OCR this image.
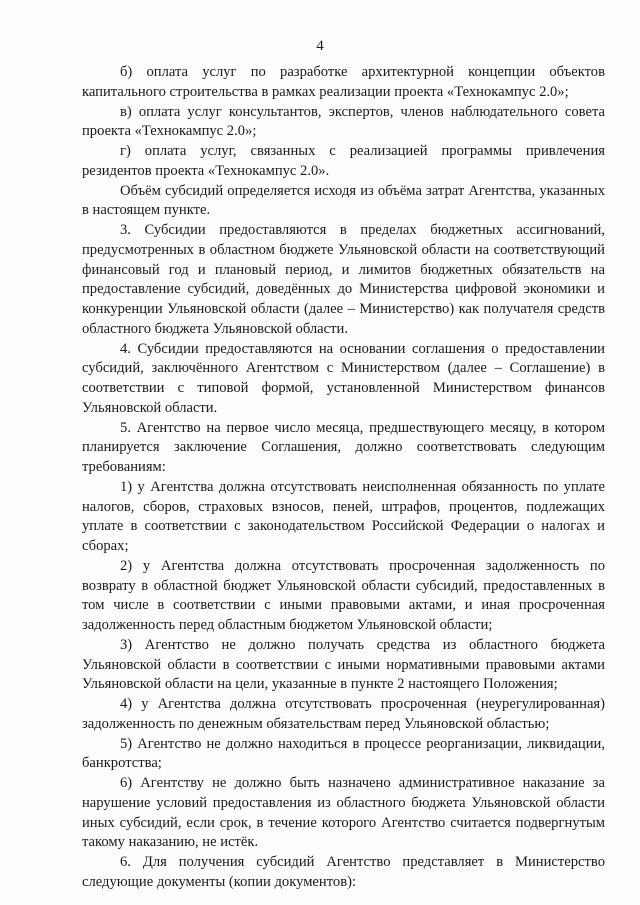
4

б) оплата услуг по разработке архитектурной концепции объектов капитального строительства в рамках реализации проекта «Технокампус 2.0»;

в) оплата услуг консультантов, экспертов, членов наблюдательного совета проекта «Технокампус 2.0»;

г) оплата услуг, связанных с реализацией программы привлечения резидентов проекта «Технокампус 2.0».

Объём субсидий определяется исходя из объёма затрат Агентства, указанных в настоящем пункте.

3. Субсидии предоставляются в пределах бюджетных ассигнований, предусмотренных в областном бюджете Ульяновской области на соответствующий финансовый год и плановый период, и лимитов бюджетных обязательств на предоставление субсидий, доведённых до Министерства цифровой экономики и конкуренции Ульяновской области (далее – Министерство) как получателя средств областного бюджета Ульяновской области.

4. Субсидии предоставляются на основании соглашения о предоставлении субсидий, заключённого Агентством с Министерством (далее – Соглашение) в соответствии с типовой формой, установленной Министерством финансов Ульяновской области.

5. Агентство на первое число месяца, предшествующего месяцу, в котором планируется заключение Соглашения, должно соответствовать следующим требованиям:

1) у Агентства должна отсутствовать неисполненная обязанность по уплате налогов, сборов, страховых взносов, пеней, штрафов, процентов, подлежащих уплате в соответствии с законодательством Российской Федерации о налогах и сборах;

2) у Агентства должна отсутствовать просроченная задолженность по возврату в областной бюджет Ульяновской области субсидий, предоставленных в том числе в соответствии с иными правовыми актами, и иная просроченная задолженность перед областным бюджетом Ульяновской области;

3) Агентство не должно получать средства из областного бюджета Ульяновской области в соответствии с иными нормативными правовыми актами Ульяновской области на цели, указанные в пункте 2 настоящего Положения;

4) у Агентства должна отсутствовать просроченная (неурегулированная) задолженность по денежным обязательствам перед Ульяновской областью;

5) Агентство не должно находиться в процессе реорганизации, ликвидации, банкротства;

6) Агентству не должно быть назначено административное наказание за нарушение условий предоставления из областного бюджета Ульяновской области иных субсидий, если срок, в течение которого Агентство считается подвергнутым такому наказанию, не истёк.

6. Для получения субсидий Агентство представляет в Министерство следующие документы (копии документов):
